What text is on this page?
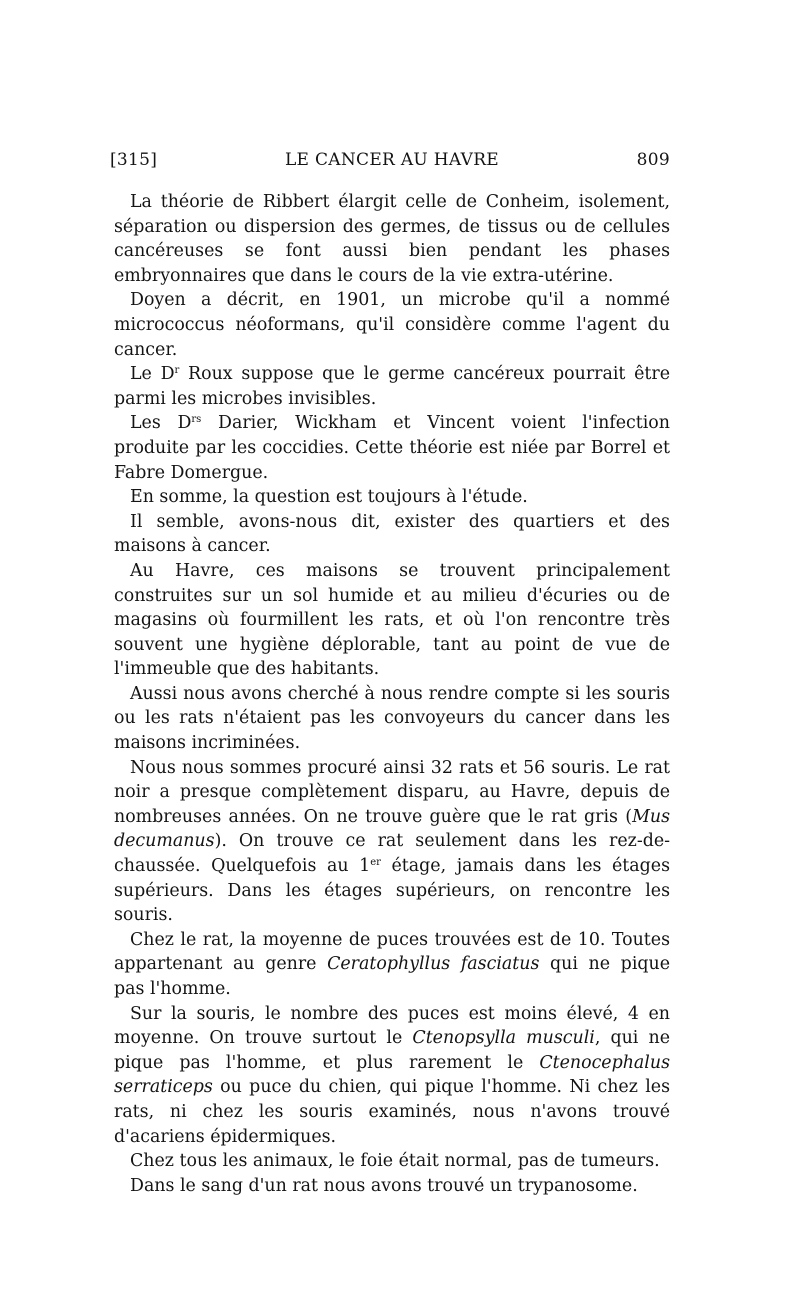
[315]	LE CANCER AU HAVRE	809

La théorie de Ribbert élargit celle de Conheim, isolement, séparation ou dispersion des germes, de tissus ou de cellules cancéreuses se font aussi bien pendant les phases embryonnaires que dans le cours de la vie extra-utérine.

Doyen a décrit, en 1901, un microbe qu'il a nommé micrococcus néoformans, qu'il considère comme l'agent du cancer.

Le $D^r$ Roux suppose que le germe cancéreux pourrait être parmi les microbes invisibles.

Les $D^{rs}$ Darier, Wickham et Vincent voient l'infection produite par les coccidies. Cette théorie est niée par Borrel et Fabre Domergue.

En somme, la question est toujours à l'étude.

Il semble, avons-nous dit, exister des quartiers et des maisons à cancer.

Au Havre, ces maisons se trouvent principalement construites sur un sol humide et au milieu d'écuries ou de magasins où fourmillent les rats, et où l'on rencontre très souvent une hygiène déplorable, tant au point de vue de l'immeuble que des habitants.

Aussi nous avons cherché à nous rendre compte si les souris ou les rats n'étaient pas les convoyeurs du cancer dans les maisons incriminées.

Nous nous sommes procuré ainsi 32 rats et 56 souris. Le rat noir a presque complètement disparu, au Havre, depuis de nombreuses années. On ne trouve guère que le rat gris (Mus decumanus). On trouve ce rat seulement dans les rez-de-chaussée. Quelquefois au 1er étage, jamais dans les étages supérieurs. Dans les étages supérieurs, on rencontre les souris.

Chez le rat, la moyenne de puces trouvées est de 10. Toutes appartenant au genre Ceratophyllus fasciatus qui ne pique pas l'homme.

Sur la souris, le nombre des puces est moins élevé, 4 en moyenne. On trouve surtout le Ctenopsylla musculi, qui ne pique pas l'homme, et plus rarement le Ctenocephalus serraticeps ou puce du chien, qui pique l'homme. Ni chez les rats, ni chez les souris examinés, nous n'avons trouvé d'acariens épidermiques.

Chez tous les animaux, le foie était normal, pas de tumeurs.

Dans le sang d'un rat nous avons trouvé un trypanosome.
